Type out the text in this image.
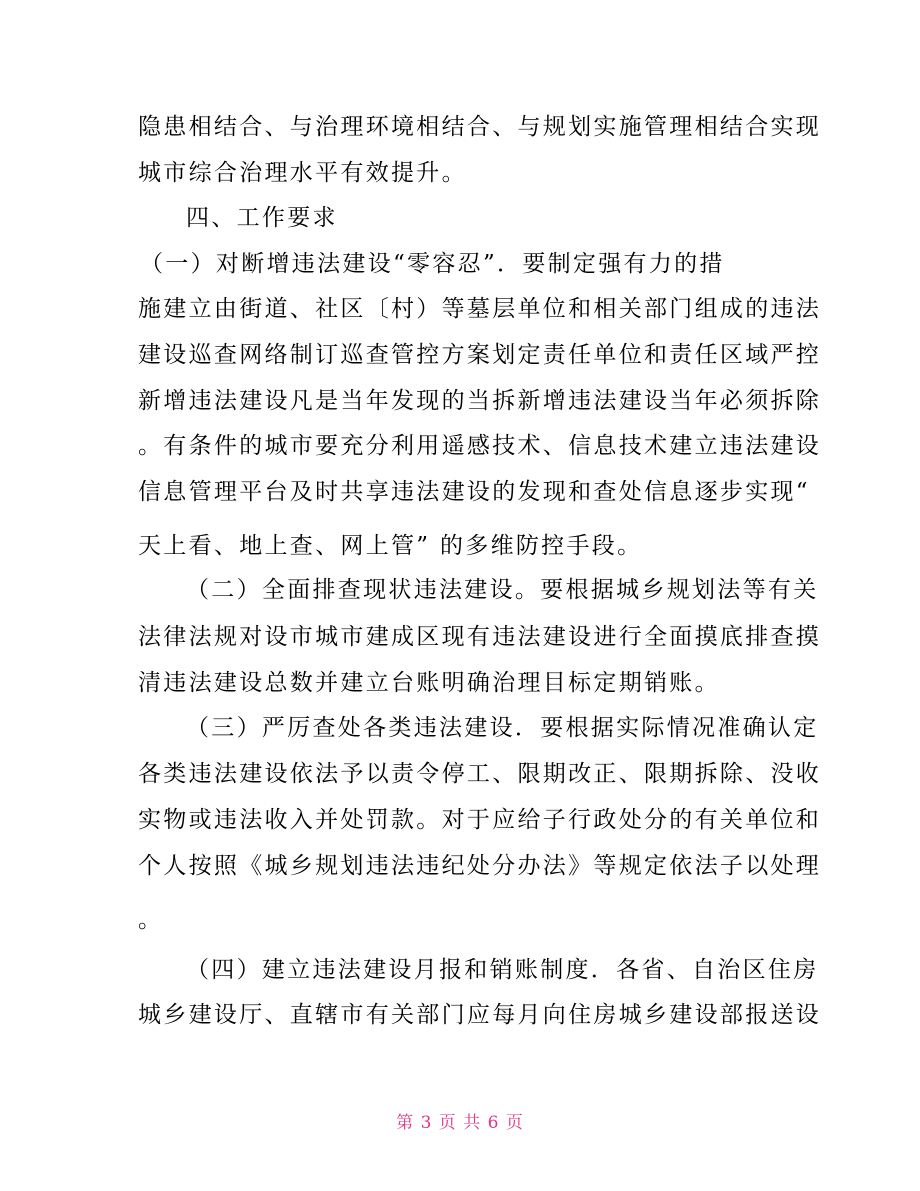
隐患相结合、与治理环境相结合、与规划实施管理相结合实现
城市综合治理水平有效提升。
四、工作要求
（一）对断增违法建设“零容忍”．要制定强有力的措
施建立由街道、社区〔村）等墓层单位和相关部门组成的违法
建设巡查网络制订巡查管控方案划定责任单位和责任区域严控
新增违法建设凡是当年发现的当拆新增违法建设当年必须拆除
。有条件的城市要充分利用遥感技术、信息技术建立违法建设
信息管理平台及时共享违法建设的发现和查处信息逐步实现“
天上看、地上查、网上管” 的多维防控手段。
（二）全面排查现状违法建设。要根据城乡规划法等有关
法律法规对设市城市建成区现有违法建设进行全面摸底排查摸
清违法建设总数并建立台账明确治理目标定期销账。
（三）严厉查处各类违法建设．要根据实际情况准确认定
各类违法建设依法予以责令停工、限期改正、限期拆除、没收
实物或违法收入并处罚款。对于应给子行政处分的有关单位和
个人按照《城乡规划违法违纪处分办法》等规定依法子以处理
。
（四）建立违法建设月报和销账制度．各省、自治区住房
城乡建设厅、直辖市有关部门应每月向住房城乡建设部报送设
第 3 页 共 6 页
